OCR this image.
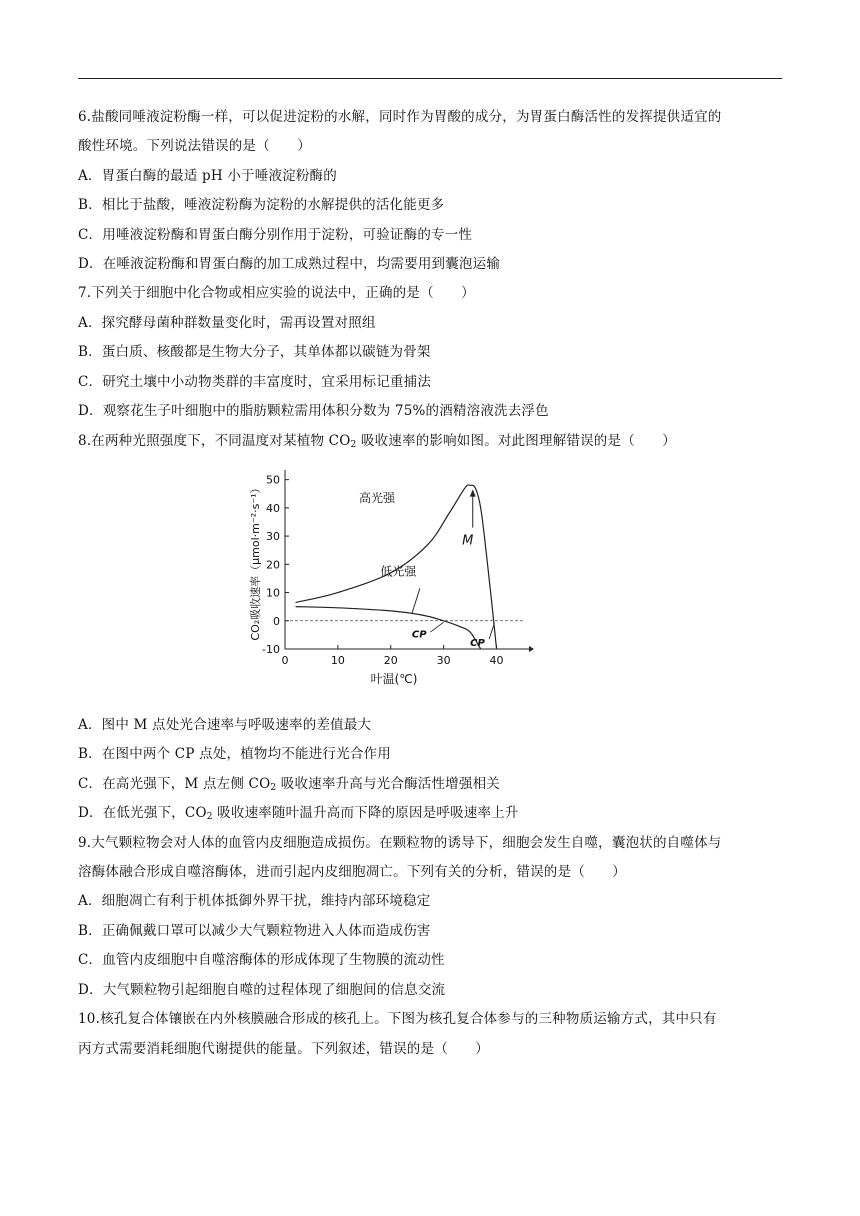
6.盐酸同唾液淀粉酶一样，可以促进淀粉的水解，同时作为胃酸的成分，为胃蛋白酶活性的发挥提供适宜的
酸性环境。下列说法错误的是（　　）
A．胃蛋白酶的最适 pH 小于唾液淀粉酶的
B．相比于盐酸，唾液淀粉酶为淀粉的水解提供的活化能更多
C．用唾液淀粉酶和胃蛋白酶分别作用于淀粉，可验证酶的专一性
D．在唾液淀粉酶和胃蛋白酶的加工成熟过程中，均需要用到囊泡运输
7.下列关于细胞中化合物或相应实验的说法中，正确的是（　　）
A．探究酵母菌种群数量变化时，需再设置对照组
B．蛋白质、核酸都是生物大分子，其单体都以碳链为骨架
C．研究土壤中小动物类群的丰富度时，宜采用标记重捕法
D．观察花生子叶细胞中的脂肪颗粒需用体积分数为 75%的酒精溶液洗去浮色
8.在两种光照强度下，不同温度对某植物 $CO_2$ 吸收速率的影响如图。对此图理解错误的是（　　）
-10
0
10
20
30
40
50
0	10	20	30	40
叶温(℃)
CO₂吸收速率（μmol·m⁻²·s⁻¹）	高光强
低光强
M
CP
CP
A．图中 M 点处光合速率与呼吸速率的差值最大
B．在图中两个 CP 点处，植物均不能进行光合作用
C．在高光强下，M 点左侧 $CO_2$ 吸收速率升高与光合酶活性增强相关
D．在低光强下，$CO_2$ 吸收速率随叶温升高而下降的原因是呼吸速率上升
9.大气颗粒物会对人体的血管内皮细胞造成损伤。在颗粒物的诱导下，细胞会发生自噬，囊泡状的自噬体与
溶酶体融合形成自噬溶酶体，进而引起内皮细胞凋亡。下列有关的分析，错误的是（　　）
A．细胞凋亡有利于机体抵御外界干扰，维持内部环境稳定
B．正确佩戴口罩可以减少大气颗粒物进入人体而造成伤害
C．血管内皮细胞中自噬溶酶体的形成体现了生物膜的流动性
D．大气颗粒物引起细胞自噬的过程体现了细胞间的信息交流
10.核孔复合体镶嵌在内外核膜融合形成的核孔上。下图为核孔复合体参与的三种物质运输方式，其中只有
丙方式需要消耗细胞代谢提供的能量。下列叙述，错误的是（　　）
